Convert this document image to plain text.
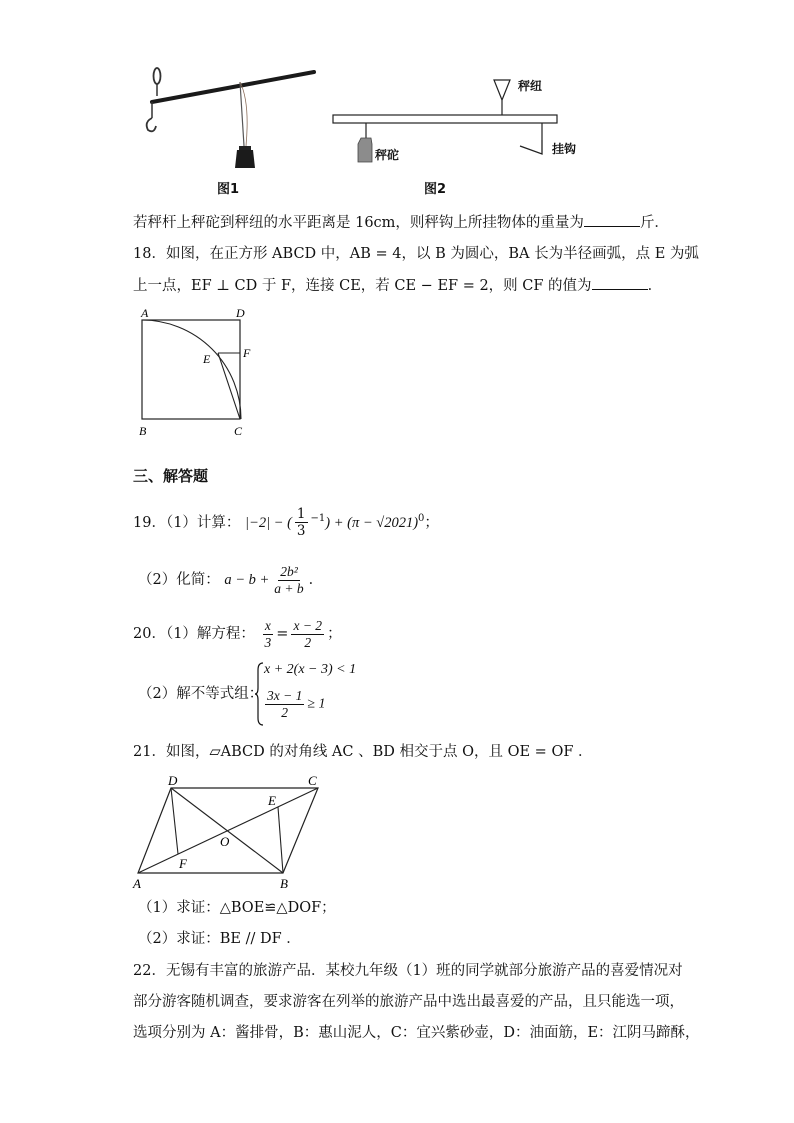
图1
秤纽
秤砣	挂钩
图2
若秤杆上秤砣到秤纽的水平距离是 16cm，则秤钩上所挂物体的重量为	斤．
18．如图，在正方形 ABCD 中，AB = 4，以 B 为圆心，BA 长为半径画弧，点 E 为弧
上一点，EF ⊥ CD 于 F，连接 CE，若 CE − EF = 2，则 CF 的值为	．
A	D
E	F
B	C
三、解答题
19．（1）计算： |−2| − ( $\frac{1}{3} ^{-1}) + (\pi - √2021)^0$；
（2）化简： $a - b + \frac{\text{2b²}}{a + b}$ ．
20．（1）解方程： $\frac{x}{3} = \frac{x - 2}{2}$ ；
（2）解不等式组：
x + 2(x − 3) < 1
$\frac{3x - 1}{2} \ge 1$
21．如图，▱ABCD 的对角线 AC 、BD 相交于点 O，且 OE = OF ．
D	C
E
O
F
A	B
（1）求证：△BOE≌△DOF；
（2）求证：BE // DF ．
22．无锡有丰富的旅游产品．某校九年级（1）班的同学就部分旅游产品的喜爱情况对
部分游客随机调查，要求游客在列举的旅游产品中选出最喜爱的产品，且只能选一项，
选项分别为 A：酱排骨，B：惠山泥人，C：宜兴紫砂壶，D：油面筋，E：江阴马蹄酥，
